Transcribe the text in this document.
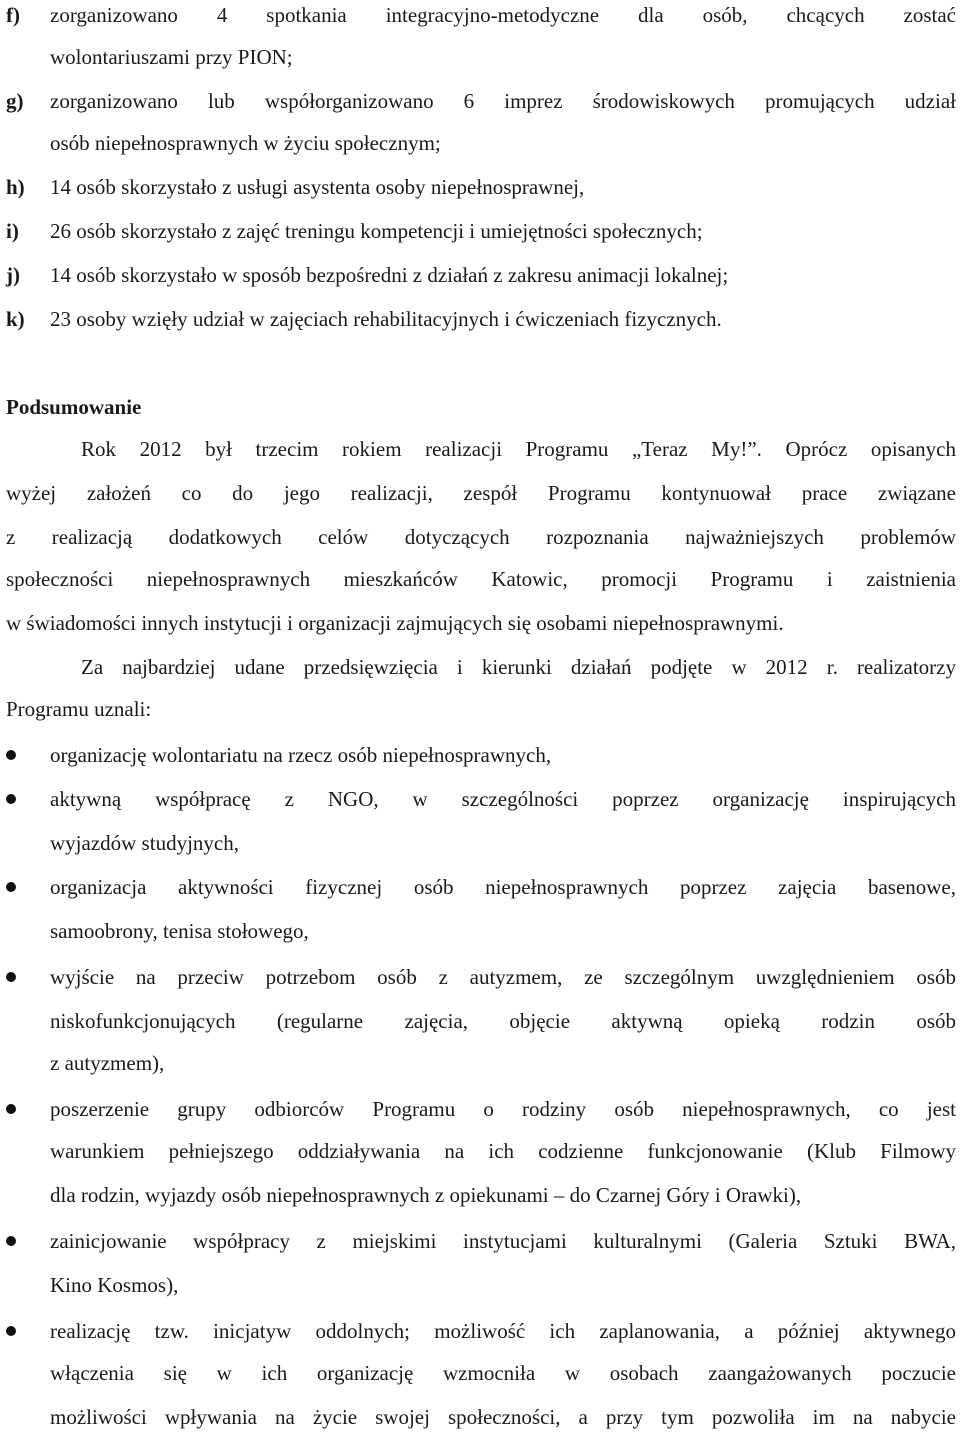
f) zorganizowano 4 spotkania integracyjno-metodyczne dla osób, chcących zostać
wolontariuszami przy PION;
g) zorganizowano lub współorganizowano 6 imprez środowiskowych promujących udział
osób niepełnosprawnych w życiu społecznym;
h) 14 osób skorzystało z usługi asystenta osoby niepełnosprawnej,
i) 26 osób skorzystało z zajęć treningu kompetencji i umiejętności społecznych;
j) 14 osób skorzystało w sposób bezpośredni z działań z zakresu animacji lokalnej;
k) 23 osoby wzięły udział w zajęciach rehabilitacyjnych i ćwiczeniach fizycznych.
Podsumowanie
Rok 2012 był trzecim rokiem realizacji Programu „Teraz My!”. Oprócz opisanych
wyżej założeń co do jego realizacji, zespół Programu kontynuował prace związane
z realizacją dodatkowych celów dotyczących rozpoznania najważniejszych problemów
społeczności niepełnosprawnych mieszkańców Katowic, promocji Programu i zaistnienia
w świadomości innych instytucji i organizacji zajmujących się osobami niepełnosprawnymi.
Za najbardziej udane przedsięwzięcia i kierunki działań podjęte w 2012 r. realizatorzy
Programu uznali:
organizację wolontariatu na rzecz osób niepełnosprawnych,
aktywną współpracę z NGO, w szczególności poprzez organizację inspirujących
wyjazdów studyjnych,
organizacja aktywności fizycznej osób niepełnosprawnych poprzez zajęcia basenowe,
samoobrony, tenisa stołowego,
wyjście na przeciw potrzebom osób z autyzmem, ze szczególnym uwzględnieniem osób
niskofunkcjonujących (regularne zajęcia, objęcie aktywną opieką rodzin osób
z autyzmem),
poszerzenie grupy odbiorców Programu o rodziny osób niepełnosprawnych, co jest
warunkiem pełniejszego oddziaływania na ich codzienne funkcjonowanie (Klub Filmowy
dla rodzin, wyjazdy osób niepełnosprawnych z opiekunami – do Czarnej Góry i Orawki),
zainicjowanie współpracy z miejskimi instytucjami kulturalnymi (Galeria Sztuki BWA,
Kino Kosmos),
realizację tzw. inicjatyw oddolnych; możliwość ich zaplanowania, a później aktywnego
włączenia się w ich organizację wzmocniła w osobach zaangażowanych poczucie
możliwości wpływania na życie swojej społeczności, a przy tym pozwoliła im na nabycie
